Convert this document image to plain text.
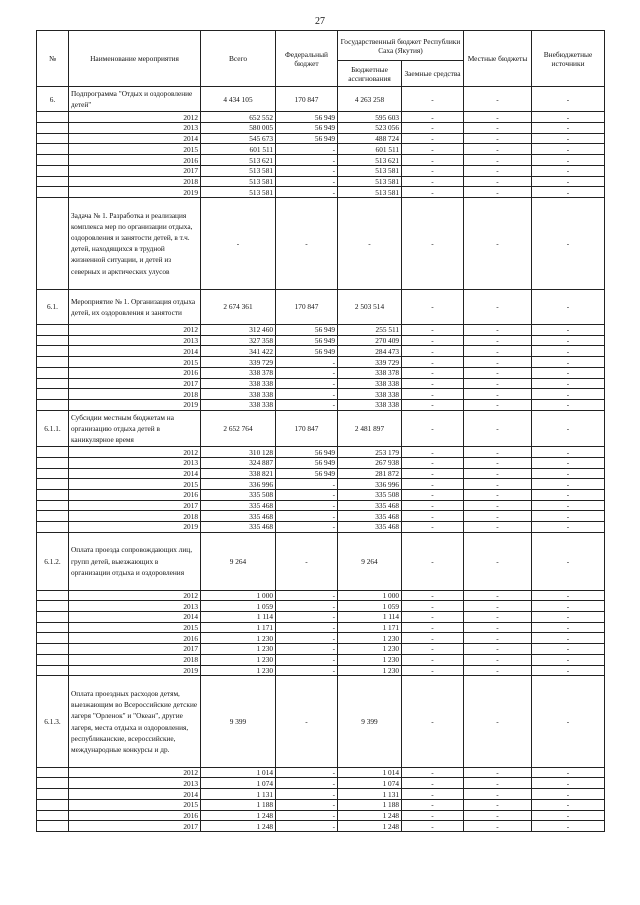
27
№	Наименование мероприятия	Всего	Федеральный бюджет	Государственный бюджет Республики Саха (Якутия)		Местные бюджеты	Внебюджетные источники
				Бюджетные ассигнования	Заемные средства		
6.	Подпрограмма "Отдых и оздоровление детей"	4 434 105	170 847	4 263 258	-	-	-
	2012	652 552	56 949	595 603	-	-	-
	2013	580 005	56 949	523 056	-	-	-
	2014	545 673	56 949	488 724	-	-	-
	2015	601 511	-	601 511	-	-	-
	2016	513 621	-	513 621	-	-	-
	2017	513 581	-	513 581	-	-	-
	2018	513 581	-	513 581	-	-	-
	2019	513 581	-	513 581	-	-	-
	Задача № 1. Разработка и реализация комплекса мер по организации отдыха, оздоровления и занятости детей, в т.ч. детей, находящихся в трудной жизненной ситуации, и детей из северных и арктических улусов	-	-	-	-	-	-
6.1.	Мероприятие № 1. Организация отдыха детей, их оздоровления и занятости	2 674 361	170 847	2 503 514	-	-	-
	2012	312 460	56 949	255 511	-	-	-
	2013	327 358	56 949	270 409	-	-	-
	2014	341 422	56 949	284 473	-	-	-
	2015	339 729	-	339 729	-	-	-
	2016	338 378	-	338 378	-	-	-
	2017	338 338	-	338 338	-	-	-
	2018	338 338	-	338 338	-	-	-
	2019	338 338	-	338 338	-	-	-
6.1.1.	Субсидии местным бюджетам на организацию отдыха детей в каникулярное время	2 652 764	170 847	2 481 897	-	-	-
	2012	310 128	56 949	253 179	-	-	-
	2013	324 887	56 949	267 938	-	-	-
	2014	338 821	56 949	281 872	-	-	-
	2015	336 996	-	336 996	-	-	-
	2016	335 508	-	335 508	-	-	-
	2017	335 468	-	335 468	-	-	-
	2018	335 468	-	335 468	-	-	-
	2019	335 468	-	335 468	-	-	-
6.1.2.	Оплата проезда сопровождающих лиц, групп детей, выезжающих в организации отдыха и оздоровления	9 264	-	9 264	-	-	-
	2012	1 000	-	1 000	-	-	-
	2013	1 059	-	1 059	-	-	-
	2014	1 114	-	1 114	-	-	-
	2015	1 171	-	1 171	-	-	-
	2016	1 230	-	1 230	-	-	-
	2017	1 230	-	1 230	-	-	-
	2018	1 230	-	1 230	-	-	-
	2019	1 230	-	1 230	-	-	-
6.1.3.	Оплата проездных расходов детям, выезжающим во Всероссийские детские лагеря "Орленок" и "Океан", другие лагеря, места отдыха и оздоровления, республиканские, всероссийские, международные конкурсы и др.	9 399	-	9 399	-	-	-
	2012	1 014	-	1 014	-	-	-
	2013	1 074	-	1 074	-	-	-
	2014	1 131	-	1 131	-	-	-
	2015	1 188	-	1 188	-	-	-
	2016	1 248	-	1 248	-	-	-
	2017	1 248	-	1 248	-	-	-
